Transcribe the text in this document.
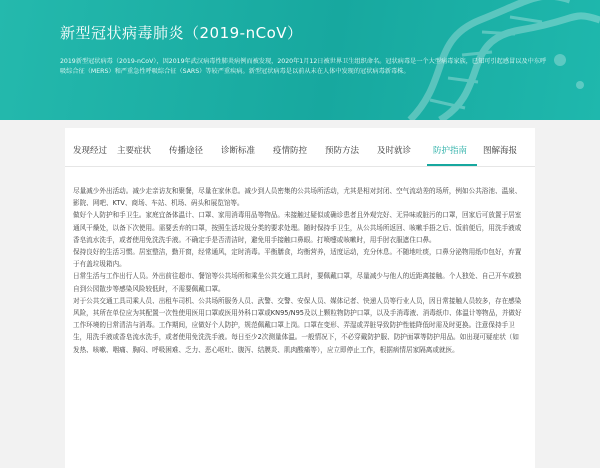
新型冠状病毒肺炎（2019-nCoV）
2019新型冠状病毒（2019-nCoV），因2019年武汉病毒性肺炎病例而被发现，2020年1月12日被世界卫生组织命名。冠状病毒是一个大型病毒家族，已知可引起感冒以及中东呼吸综合征（MERS）和严重急性呼吸综合征（SARS）等较严重疾病。新型冠状病毒是以前从未在人体中发现的冠状病毒新毒株。
发现经过	主要症状	传播途径	诊断标准	疫情防控	预防方法	及时就诊	防护指南	图解海报

尽量减少外出活动。减少走亲访友和聚餐，尽量在家休息。减少到人员密集的公共场所活动，尤其是相对封闭、空气流动差的场所，例如公共浴池、温泉、影院、网吧、KTV、商场、车站、机场、码头和展览馆等。

做好个人防护和手卫生。家庭宜备体温计、口罩、家用消毒用品等物品。未接触过疑似或确诊患者且外观完好、无异味或脏污的口罩，回家后可放置于居室通风干燥处，以备下次使用。需要丢弃的口罩，按照生活垃圾分类的要求处理。随时保持手卫生，从公共场所返回、咳嗽手捂之后、饭前便后，用洗手液或香皂流水洗手，或者使用免洗洗手液。不确定手是否清洁时，避免用手接触口鼻眼。打喷嚏或咳嗽时，用手肘衣服遮住口鼻。

保持良好的生活习惯。居室整洁，勤开窗，经常通风，定时消毒。平衡膳食，均衡营养，适度运动，充分休息。不随地吐痰，口鼻分泌物用纸巾包好，弃置于有盖垃圾箱内。

日常生活与工作出行人员。外出前往超市、餐馆等公共场所和乘坐公共交通工具时，要佩戴口罩，尽量减少与他人的近距离接触。个人独处、自己开车或独自到公园散步等感染风险较低时，不需要佩戴口罩。

对于公共交通工具司乘人员、出租车司机、公共场所服务人员、武警、交警、安保人员、媒体记者、快递人员等行业人员，因日常接触人员较多，存在感染风险，其所在单位应为其配置一次性使用医用口罩或医用外科口罩或KN95/N95及以上颗粒物防护口罩，以及手消毒液、消毒纸巾、体温计等物品，并做好工作环境的日常清洁与消毒。工作期间，应做好个人防护，规范佩戴口罩上岗。口罩在变形、弄湿或弄脏导致防护性能降低时需及时更换。注意保持手卫生，用洗手液或香皂流水洗手，或者使用免洗洗手液。每日至少2次测量体温。一般情况下，不必穿戴防护服、防护面罩等防护用品。如出现可疑症状（如发热、咳嗽、咽痛、胸闷、呼吸困难、乏力、恶心呕吐、腹泻、结膜炎、肌肉酸痛等），应立即停止工作，根据病情居家隔离或就医。
